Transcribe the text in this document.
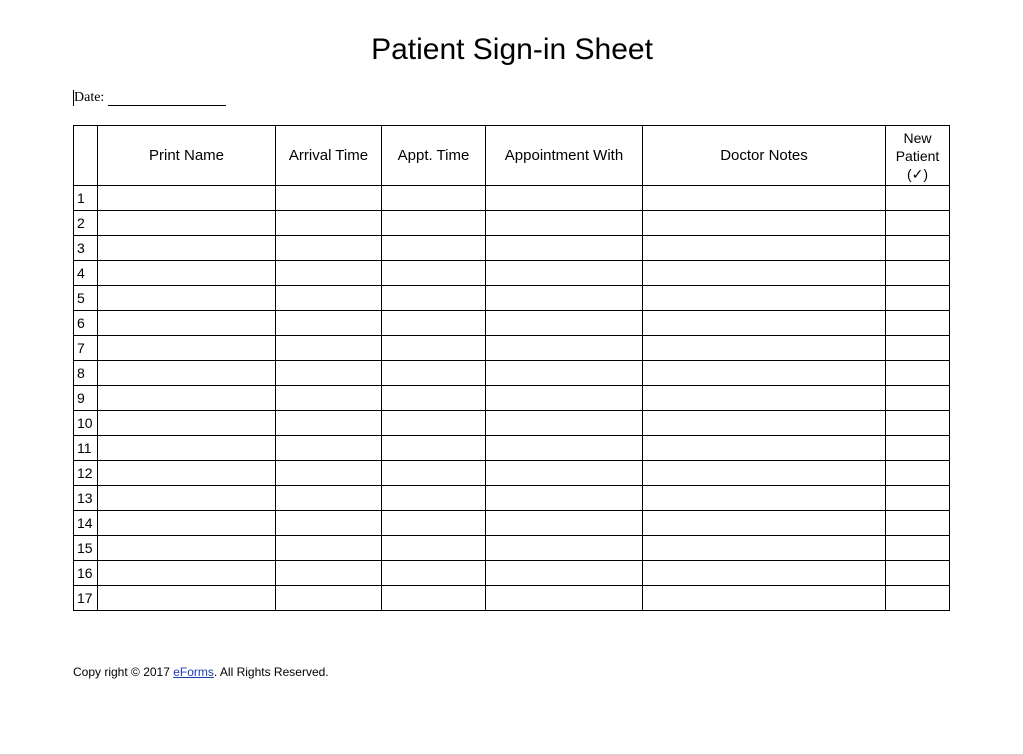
Patient Sign-in Sheet
Date:
	Print Name	Arrival Time	Appt. Time	Appointment With	Doctor Notes	New
Patient
(✓)

1						
2						
3						
4						
5						
6						
7						
8						
9						
10						
11						
12						
13						
14						
15						
16						
17						
Copy right © 2017 eForms. All Rights Reserved.
